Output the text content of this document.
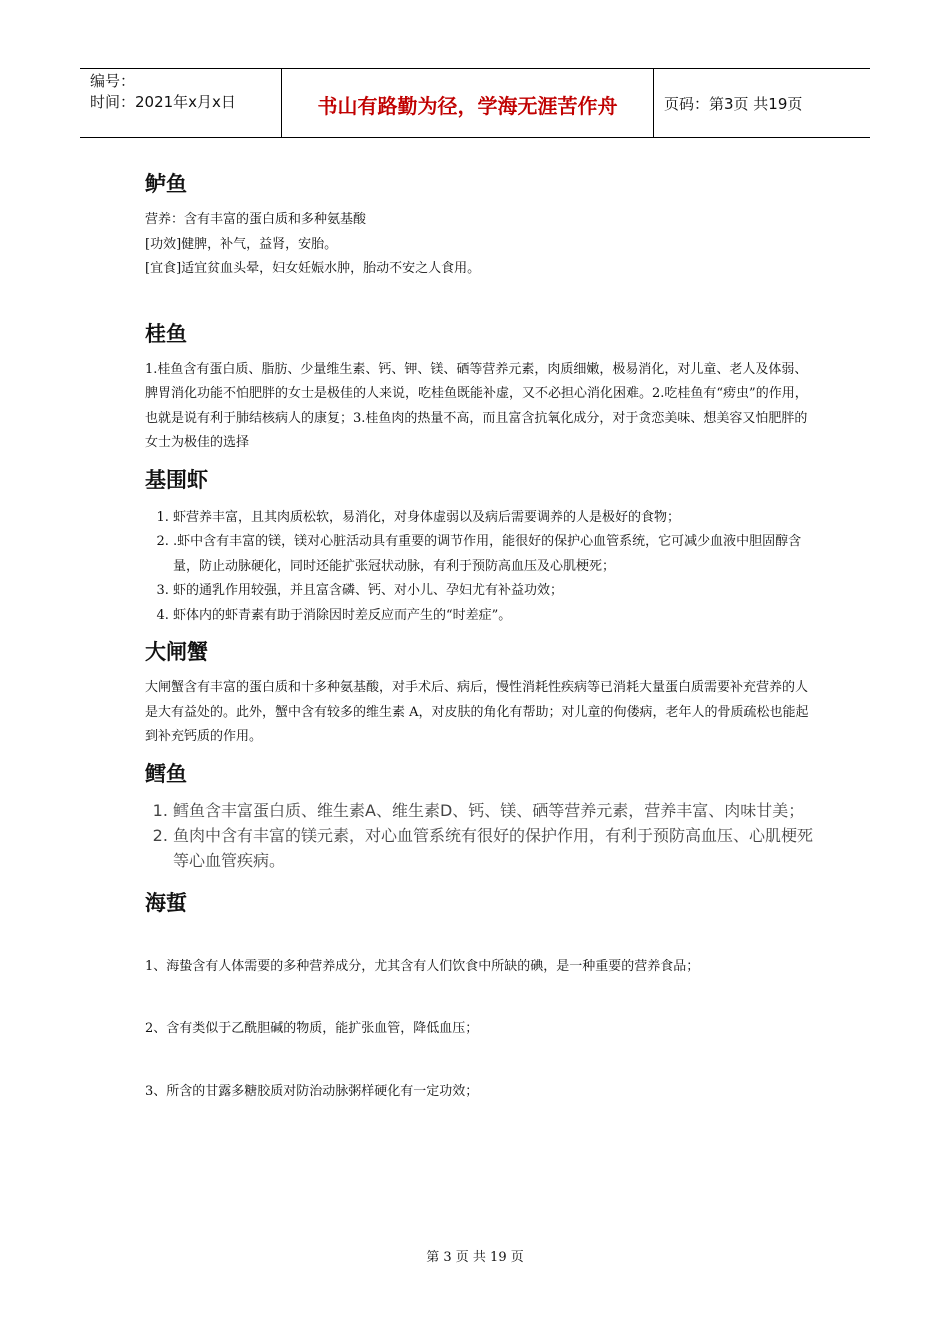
编号：
时间：2021年x月x日	书山有路勤为径，学海无涯苦作舟	页码：第3页 共19页
鲈鱼

营养：含有丰富的蛋白质和多种氨基酸

[功效]健脾，补气，益肾，安胎。

[宜食]适宜贫血头晕，妇女妊娠水肿，胎动不安之人食用。

桂鱼

1.桂鱼含有蛋白质、脂肪、少量维生素、钙、钾、镁、硒等营养元素，肉质细嫩，极易消化，对儿童、老人及体弱、脾胃消化功能不怕肥胖的女士是极佳的人来说，吃桂鱼既能补虚，又不必担心消化困难。2.吃桂鱼有“痨虫”的作用，也就是说有利于肺结核病人的康复；3.桂鱼肉的热量不高，而且富含抗氧化成分，对于贪恋美味、想美容又怕肥胖的女士为极佳的选择

基围虾
1. 虾营养丰富，且其肉质松软，易消化，对身体虚弱以及病后需要调养的人是极好的食物；
2. .虾中含有丰富的镁，镁对心脏活动具有重要的调节作用，能很好的保护心血管系统，它可减少血液中胆固醇含量，防止动脉硬化，同时还能扩张冠状动脉，有利于预防高血压及心肌梗死；
3. 虾的通乳作用较强，并且富含磷、钙、对小儿、孕妇尤有补益功效；
4. 虾体内的虾青素有助于消除因时差反应而产生的“时差症”。
大闸蟹

大闸蟹含有丰富的蛋白质和十多种氨基酸，对手术后、病后，慢性消耗性疾病等已消耗大量蛋白质需要补充营养的人是大有益处的。此外，蟹中含有较多的维生素 A，对皮肤的角化有帮助；对儿童的佝偻病，老年人的骨质疏松也能起到补充钙质的作用。

鳕鱼
1. 鳕鱼含丰富蛋白质、维生素A、维生素D、钙、镁、硒等营养元素，营养丰富、肉味甘美；
2. 鱼肉中含有丰富的镁元素，对心血管系统有很好的保护作用，有利于预防高血压、心肌梗死等心血管疾病。
海蜇

1、海蛰含有人体需要的多种营养成分，尤其含有人们饮食中所缺的碘，是一种重要的营养食品；

2、含有类似于乙酰胆碱的物质，能扩张血管，降低血压；

3、所含的甘露多糖胶质对防治动脉粥样硬化有一定功效；

第 3 页 共 19 页
